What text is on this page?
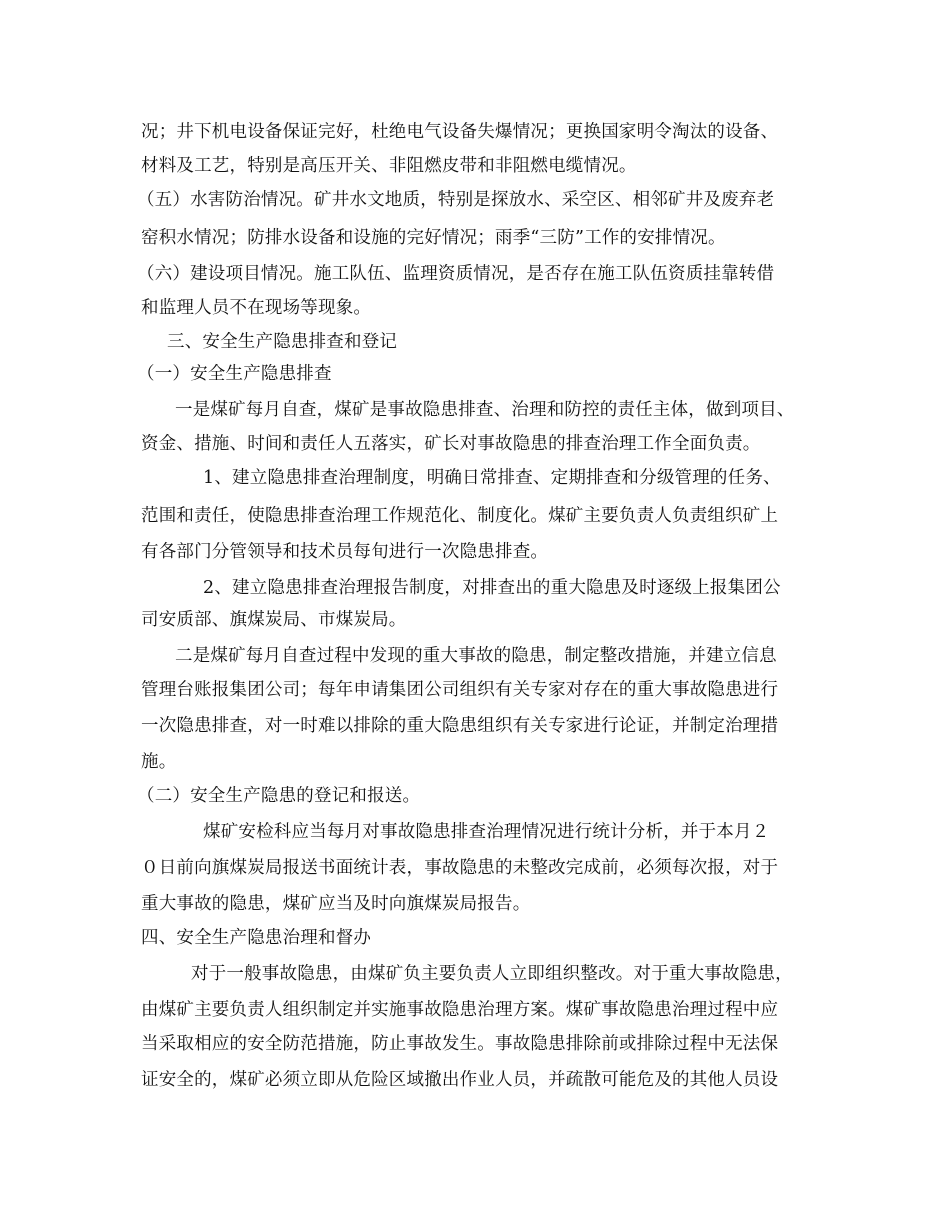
况；井下机电设备保证完好，杜绝电气设备失爆情况；更换国家明令淘汰的设备、
材料及工艺，特别是高压开关、非阻燃皮带和非阻燃电缆情况。
（五）水害防治情况。矿井水文地质，特别是探放水、采空区、相邻矿井及废弃老
窑积水情况；防排水设备和设施的完好情况；雨季“三防”工作的安排情况。
（六）建设项目情况。施工队伍、监理资质情况，是否存在施工队伍资质挂靠转借
和监理人员不在现场等现象。
三、安全生产隐患排查和登记
（一）安全生产隐患排查
一是煤矿每月自查，煤矿是事故隐患排查、治理和防控的责任主体，做到项目、
资金、措施、时间和责任人五落实，矿长对事故隐患的排查治理工作全面负责。
1、建立隐患排查治理制度，明确日常排查、定期排查和分级管理的任务、
范围和责任，使隐患排查治理工作规范化、制度化。煤矿主要负责人负责组织矿上
有各部门分管领导和技术员每旬进行一次隐患排查。
2、建立隐患排查治理报告制度，对排查出的重大隐患及时逐级上报集团公
司安质部、旗煤炭局、市煤炭局。
二是煤矿每月自查过程中发现的重大事故的隐患，制定整改措施，并建立信息
管理台账报集团公司；每年申请集团公司组织有关专家对存在的重大事故隐患进行
一次隐患排查，对一时难以排除的重大隐患组织有关专家进行论证，并制定治理措
施。
（二）安全生产隐患的登记和报送。
煤矿安检科应当每月对事故隐患排查治理情况进行统计分析，并于本月２
０日前向旗煤炭局报送书面统计表，事故隐患的未整改完成前，必须每次报，对于
重大事故的隐患，煤矿应当及时向旗煤炭局报告。
四、安全生产隐患治理和督办
对于一般事故隐患，由煤矿负主要负责人立即组织整改。对于重大事故隐患，
由煤矿主要负责人组织制定并实施事故隐患治理方案。煤矿事故隐患治理过程中应
当采取相应的安全防范措施，防止事故发生。事故隐患排除前或排除过程中无法保
证安全的，煤矿必须立即从危险区域撤出作业人员，并疏散可能危及的其他人员设
